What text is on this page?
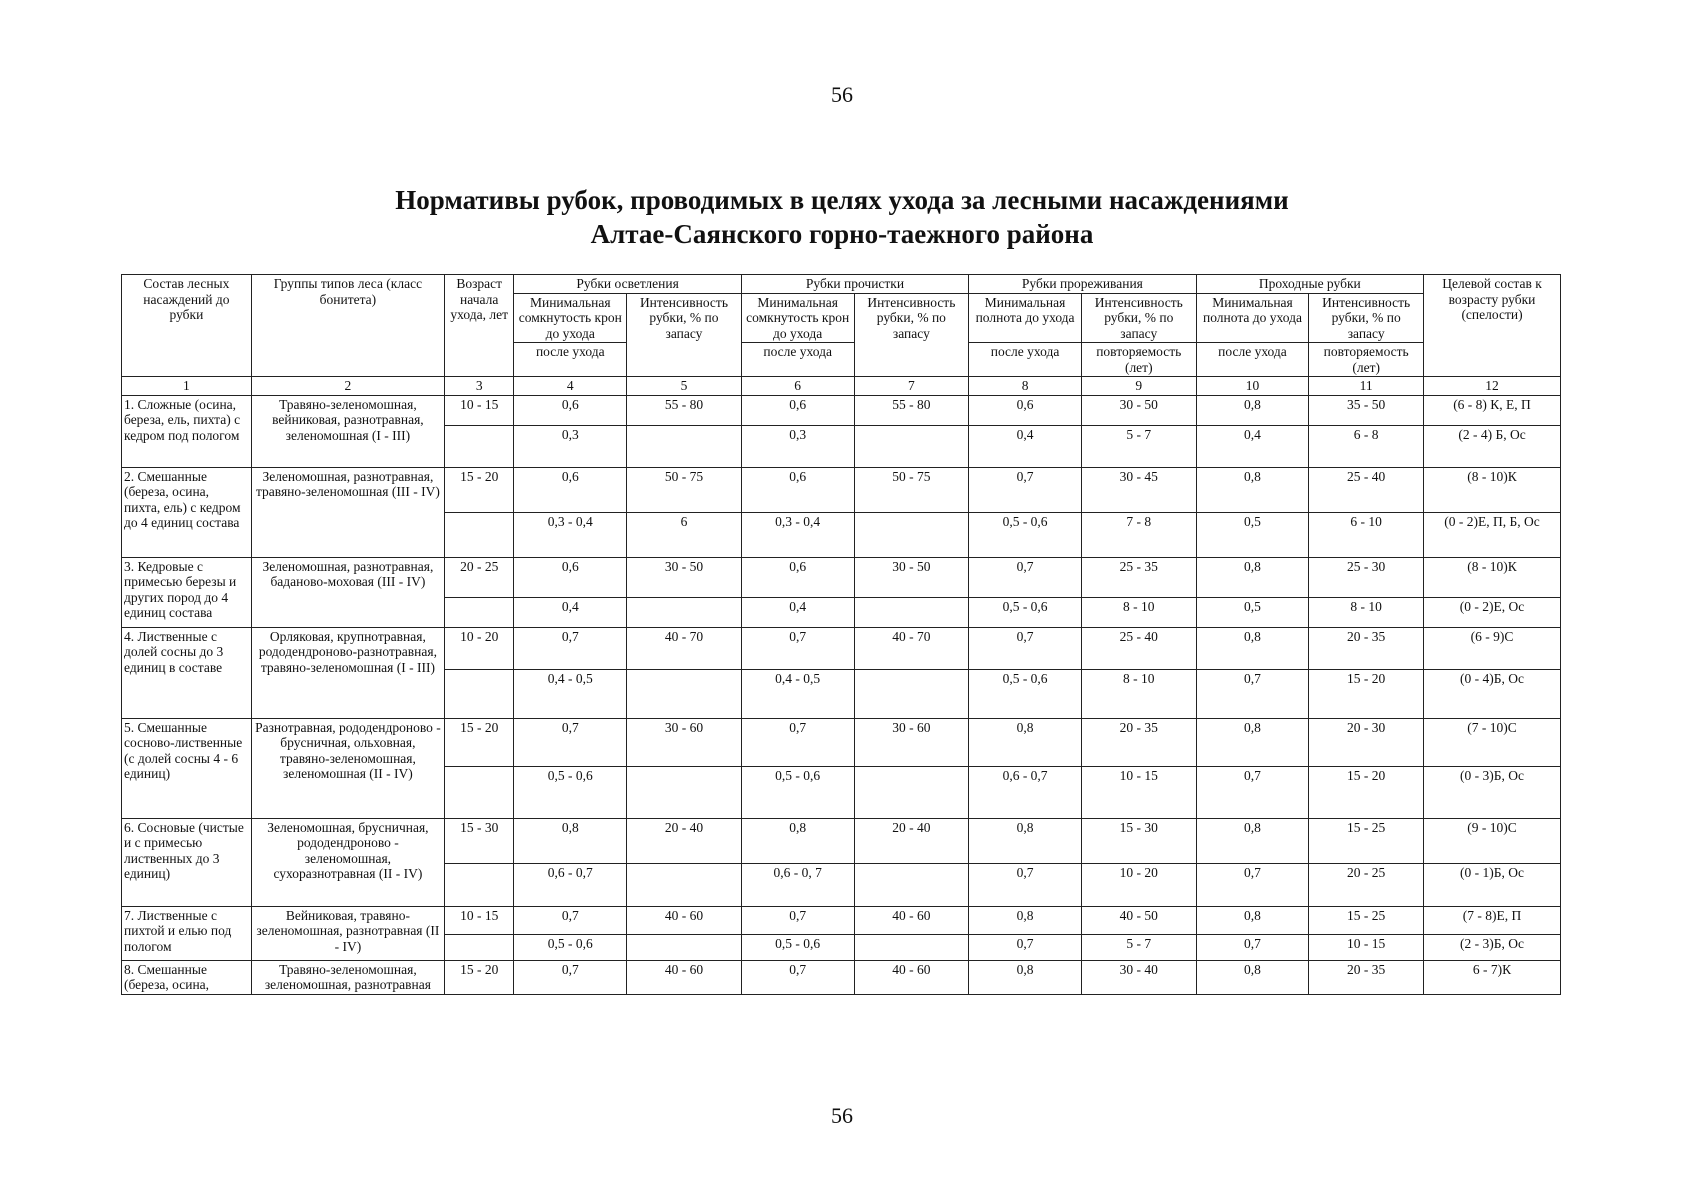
56
Нормативы рубок, проводимых в целях ухода за лесными насаждениями
Алтае-Саянского горно-таежного района
Состав лесных насаждений до рубки	Группы типов леса (класс бонитета)	Возраст начала ухода, лет	Рубки осветления		Рубки прочистки		Рубки прореживания		Проходные рубки		Целевой состав к возрасту рубки (спелости)
			Минимальная сомкнутость крон до ухода	Интенсивность рубки, % по запасу	Минимальная сомкнутость крон до ухода	Интенсивность рубки, % по запасу	Минимальная полнота до ухода	Интенсивность рубки, % по запасу	Минимальная полнота до ухода	Интенсивность рубки, % по запасу	
			после ухода		после ухода		после ухода	повторяемость (лет)	после ухода	повторяемость (лет)	
1	2	3	4	5	6	7	8	9	10	11	12
1. Сложные (осина, береза, ель, пихта) с кедром под пологом	Травяно-зеленомошная, вейниковая, разнотравная, зеленомошная (I - III)	10 - 15	0,6	55 - 80	0,6	55 - 80	0,6	30 - 50	0,8	35 - 50	(6 - 8) К, Е, П
			0,3		0,3		0,4	5 - 7	0,4	6 - 8	(2 - 4) Б, Ос
2. Смешанные (береза, осина, пихта, ель) с кедром до 4 единиц состава	Зеленомошная, разнотравная, травяно-зеленомошная (III - IV)	15 - 20	0,6	50 - 75	0,6	50 - 75	0,7	30 - 45	0,8	25 - 40	(8 - 10)К
			0,3 - 0,4	6	0,3 - 0,4		0,5 - 0,6	7 - 8	0,5	6 - 10	(0 - 2)Е, П, Б, Ос
3. Кедровые с примесью березы и других пород до 4 единиц состава	Зеленомошная, разнотравная, баданово-моховая (III - IV)	20 - 25	0,6	30 - 50	0,6	30 - 50	0,7	25 - 35	0,8	25 - 30	(8 - 10)К
			0,4		0,4		0,5 - 0,6	8 - 10	0,5	8 - 10	(0 - 2)Е, Ос
4. Лиственные с долей сосны до 3 единиц в составе	Орляковая, крупнотравная, рододендроново-разнотравная, травяно-зеленомошная (I - III)	10 - 20	0,7	40 - 70	0,7	40 - 70	0,7	25 - 40	0,8	20 - 35	(6 - 9)С
			0,4 - 0,5		0,4 - 0,5		0,5 - 0,6	8 - 10	0,7	15 - 20	(0 - 4)Б, Ос
5. Смешанные сосново-лиственные (с долей сосны 4 - 6 единиц)	Разнотравная, рододендроново - брусничная, ольховная, травяно-зеленомошная, зеленомошная (II - IV)	15 - 20	0,7	30 - 60	0,7	30 - 60	0,8	20 - 35	0,8	20 - 30	(7 - 10)С
			0,5 - 0,6		0,5 - 0,6		0,6 - 0,7	10 - 15	0,7	15 - 20	(0 - 3)Б, Ос
6. Сосновые (чистые и с примесью лиственных до 3 единиц)	Зеленомошная, брусничная, рододендроново - зеленомошная, сухоразнотравная (II - IV)	15 - 30	0,8	20 - 40	0,8	20 - 40	0,8	15 - 30	0,8	15 - 25	(9 - 10)С
			0,6 - 0,7		0,6 - 0, 7		0,7	10 - 20	0,7	20 - 25	(0 - 1)Б, Ос
7. Лиственные с пихтой и елью под пологом	Вейниковая, травяно-зеленомошная, разнотравная (II - IV)	10 - 15	0,7	40 - 60	0,7	40 - 60	0,8	40 - 50	0,8	15 - 25	(7 - 8)Е, П
			0,5 - 0,6		0,5 - 0,6		0,7	5 - 7	0,7	10 - 15	(2 - 3)Б, Ос
8. Смешанные (береза, осина,	Травяно-зеленомошная, зеленомошная, разнотравная	15 - 20	0,7	40 - 60	0,7	40 - 60	0,8	30 - 40	0,8	20 - 35	6 - 7)К
56
